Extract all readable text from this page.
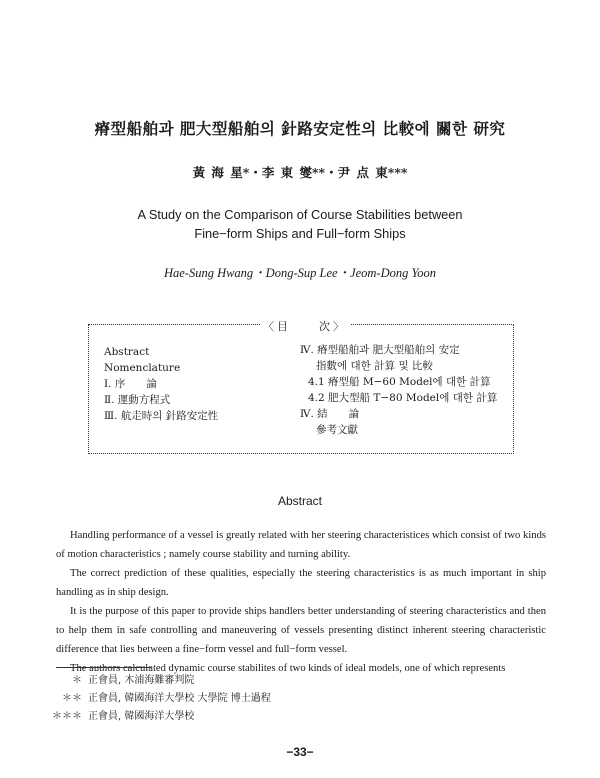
瘠型船舶과 肥大型船舶의 針路安定性의 比較에 關한 研究
黃 海 星*・李 東 燮**・尹 点 東***
A Study on the Comparison of Course Stabilities between
Fine−form Ships and Full−form Ships
Hae-Sung Hwang・Dong-Sup Lee・Jeom-Dong Yoon
〈目　　次〉
Abstract
Nomenclature
Ⅰ. 序　　論
Ⅱ. 運動方程式
Ⅲ. 航走時의 針路安定性
Ⅳ. 瘠型船舶과 肥大型船舶의 安定
指數에 대한 計算 및 比較
4.1 瘠型船 M−60 Model에 대한 計算
4.2 肥大型船 T−80 Model에 대한 計算
Ⅳ. 結　　論
參考文獻
Abstract

Handling performance of a vessel is greatly related with her steering characteristices which consist of two kinds of motion characteristics ; namely course stability and turning ability.

The correct prediction of these qualities, especially the steering characteristics is as much important in ship handling as in ship design.

It is the purpose of this paper to provide ships handlers better understanding of steering characteristics and then to help them in safe controlling and maneuvering of vessels presenting distinct inherent steering characteristic difference that lies between a fine−form vessel and full−form vessel.

The authors calculated dynamic course stabilites of two kinds of ideal models, one of which represents

＊ 正會員, 木浦海難審判院
＊＊ 正會員, 韓國海洋大學校 大學院 博士過程
＊＊＊ 正會員, 韓國海洋大學校
−33−
